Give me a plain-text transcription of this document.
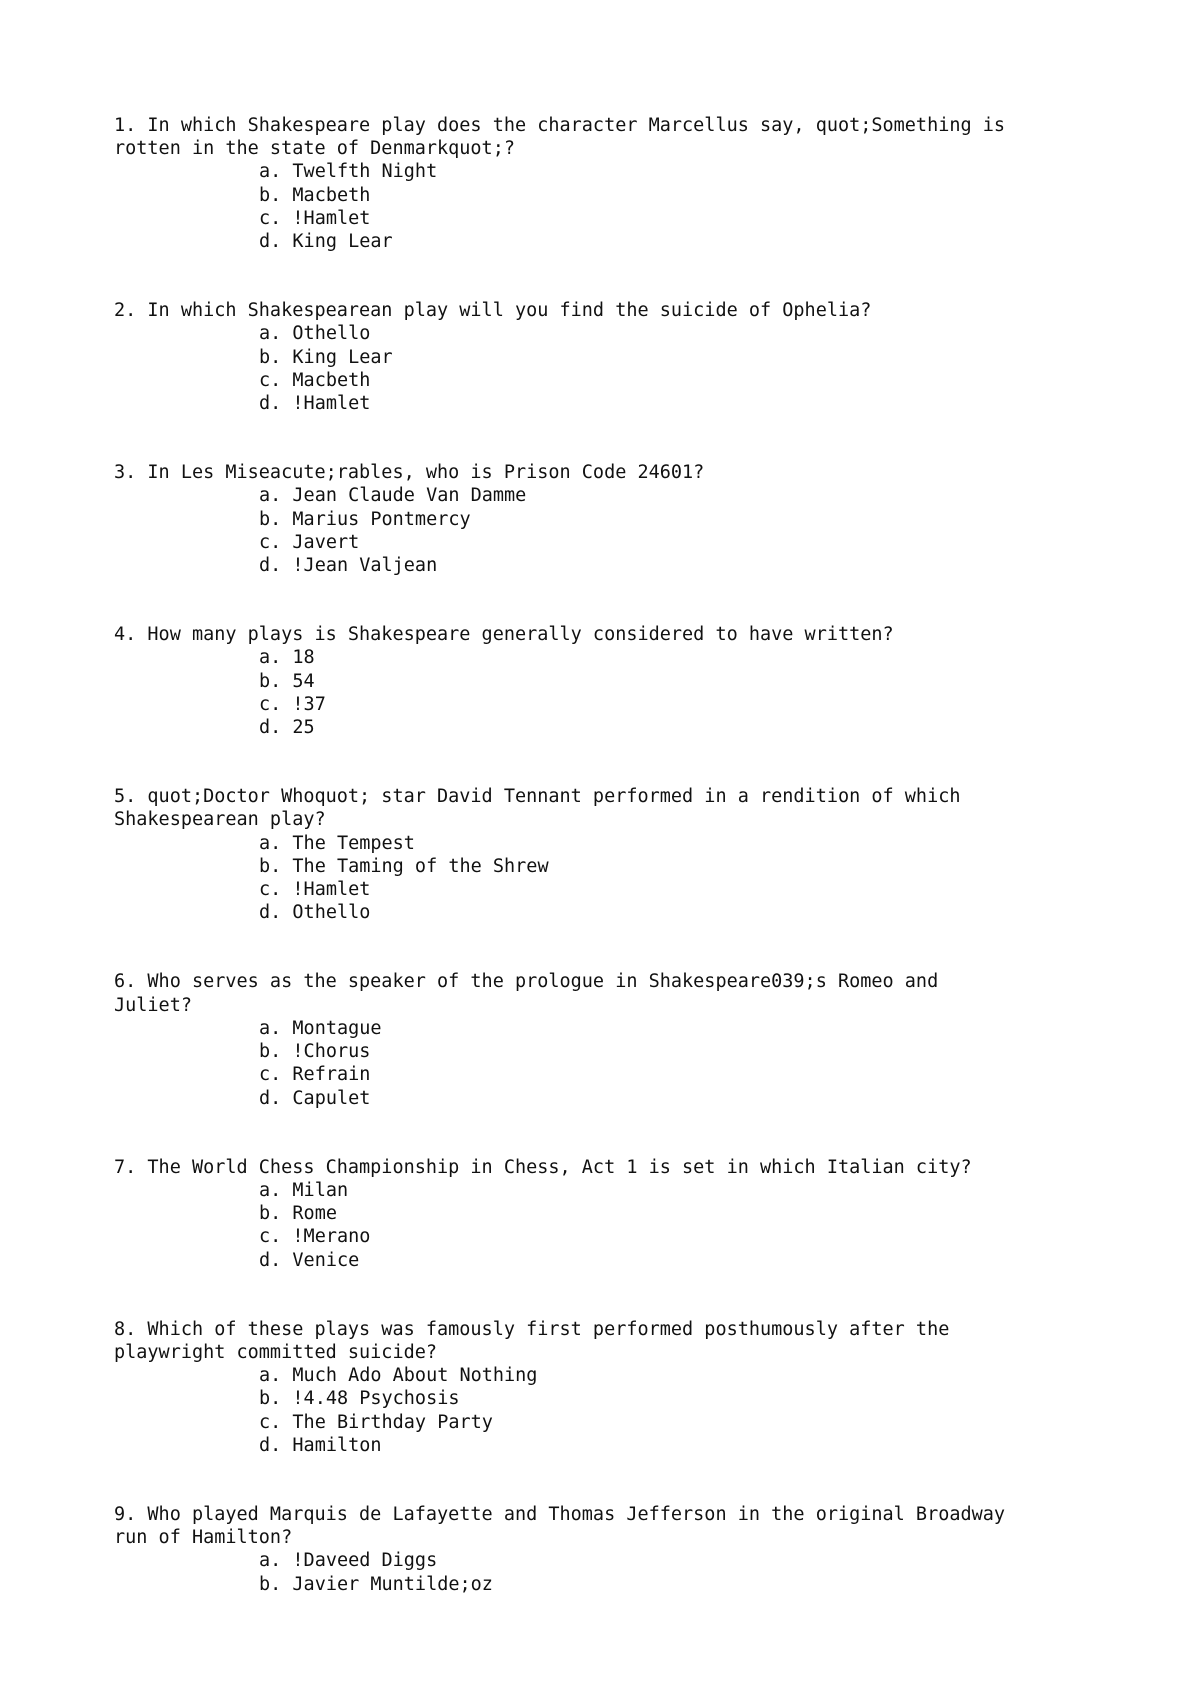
1. In which Shakespeare play does the character Marcellus say, quot;Something is
rotten in the state of Denmarkquot;?

a. Twelfth Night

b. Macbeth

c. !Hamlet

d. King Lear

2. In which Shakespearean play will you find the suicide of Ophelia?

a. Othello

b. King Lear

c. Macbeth

d. !Hamlet

3. In Les Miseacute;rables, who is Prison Code 24601?

a. Jean Claude Van Damme

b. Marius Pontmercy

c. Javert

d. !Jean Valjean

4. How many plays is Shakespeare generally considered to have written?

a. 18

b. 54

c. !37

d. 25

5. quot;Doctor Whoquot; star David Tennant performed in a rendition of which
Shakespearean play?

a. The Tempest

b. The Taming of the Shrew

c. !Hamlet

d. Othello

6. Who serves as the speaker of the prologue in Shakespeare039;s Romeo and
Juliet?

a. Montague

b. !Chorus

c. Refrain

d. Capulet

7. The World Chess Championship in Chess, Act 1 is set in which Italian city?

a. Milan

b. Rome

c. !Merano

d. Venice

8. Which of these plays was famously first performed posthumously after the
playwright committed suicide?

a. Much Ado About Nothing

b. !4.48 Psychosis

c. The Birthday Party

d. Hamilton

9. Who played Marquis de Lafayette and Thomas Jefferson in the original Broadway
run of Hamilton?

a. !Daveed Diggs

b. Javier Muntilde;oz
